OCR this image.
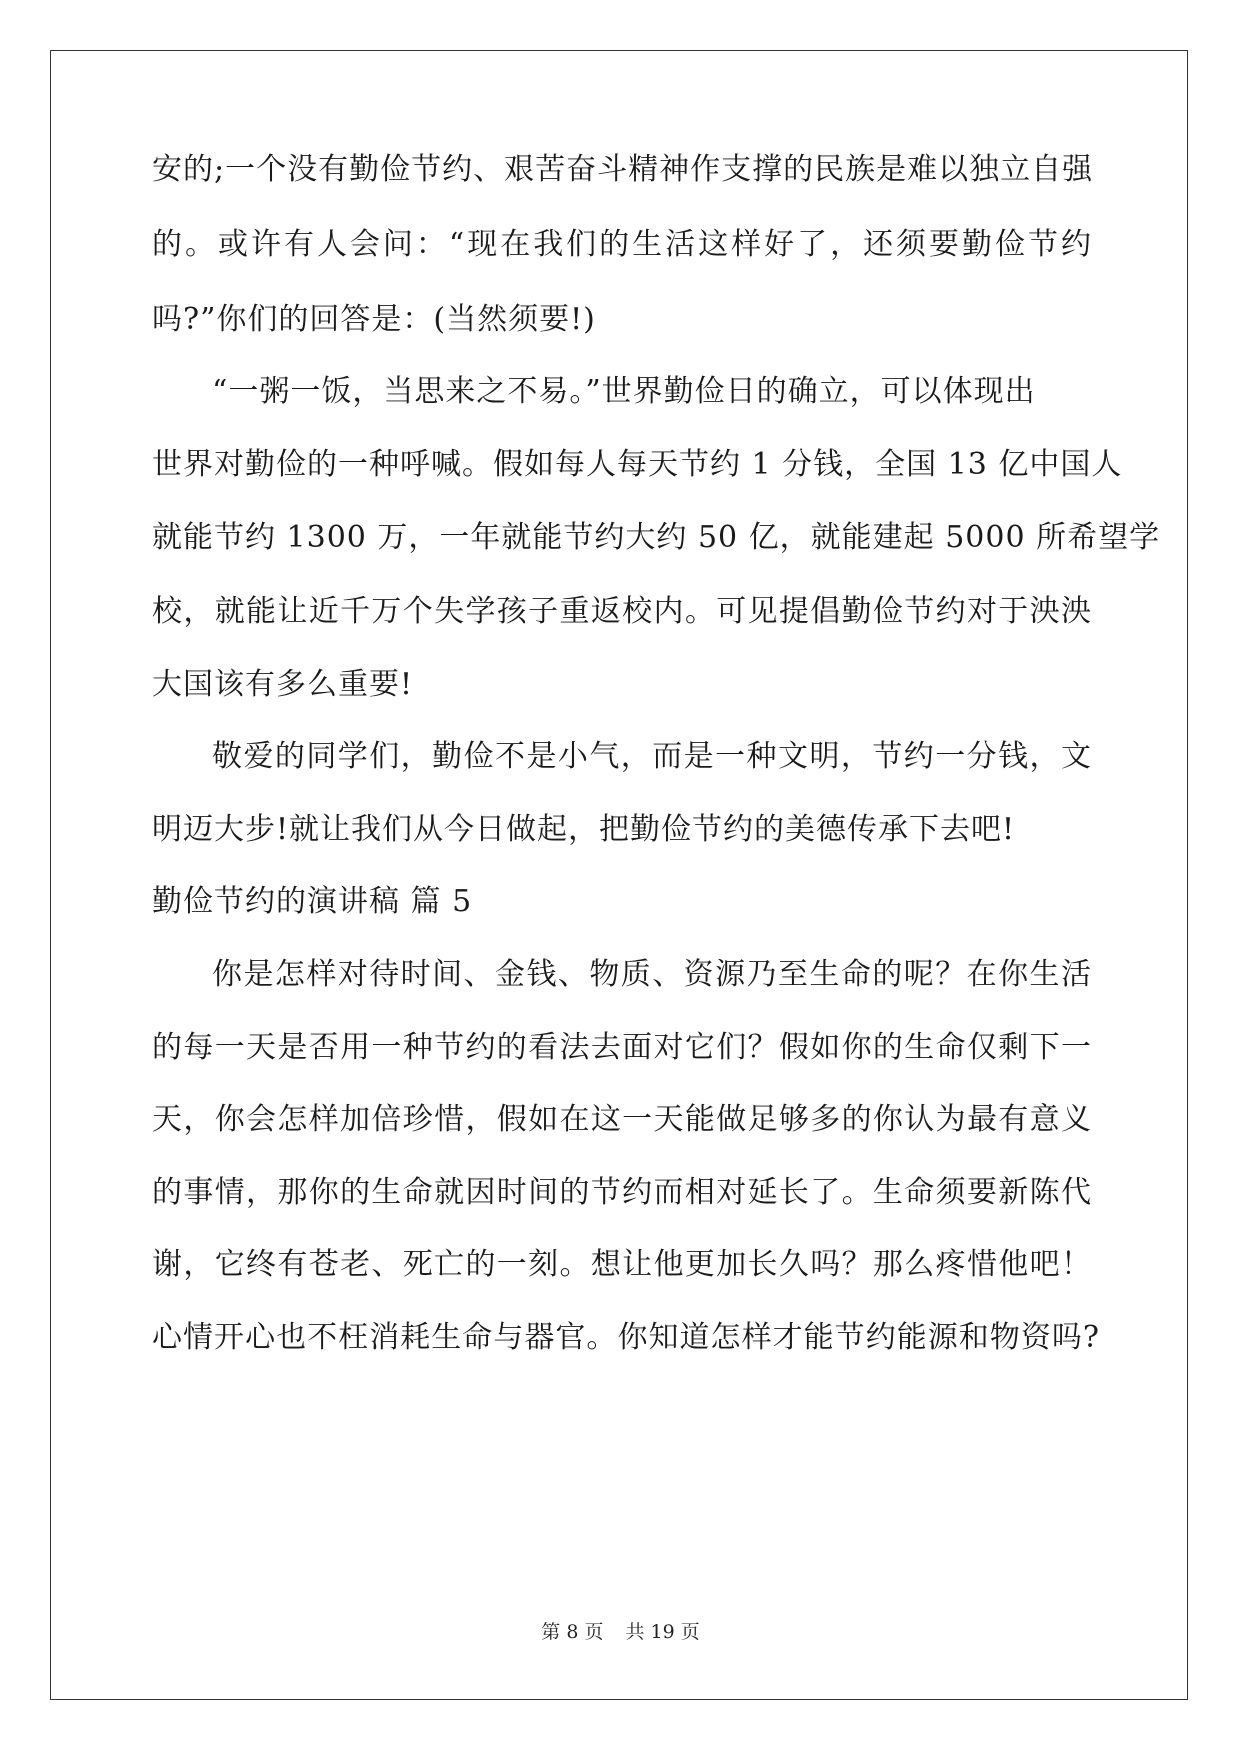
安的;一个没有勤俭节约、艰苦奋斗精神作支撑的民族是难以独立自强
的。或许有人会问：“现在我们的生活这样好了，还须要勤俭节约
吗?”你们的回答是：(当然须要!)
“一粥一饭，当思来之不易。”世界勤俭日的确立，可以体现出
世界对勤俭的一种呼喊。假如每人每天节约 1 分钱，全国 13 亿中国人
就能节约 1300 万，一年就能节约大约 50 亿，就能建起 5000 所希望学
校，就能让近千万个失学孩子重返校内。可见提倡勤俭节约对于泱泱
大国该有多么重要!
敬爱的同学们，勤俭不是小气，而是一种文明，节约一分钱，文
明迈大步!就让我们从今日做起，把勤俭节约的美德传承下去吧!
勤俭节约的演讲稿 篇 5
你是怎样对待时间、金钱、物质、资源乃至生命的呢？在你生活
的每一天是否用一种节约的看法去面对它们？假如你的生命仅剩下一
天，你会怎样加倍珍惜，假如在这一天能做足够多的你认为最有意义
的事情，那你的生命就因时间的节约而相对延长了。生命须要新陈代
谢，它终有苍老、死亡的一刻。想让他更加长久吗？那么疼惜他吧！
心情开心也不枉消耗生命与器官。你知道怎样才能节约能源和物资吗?
第 8 页 共 19 页
